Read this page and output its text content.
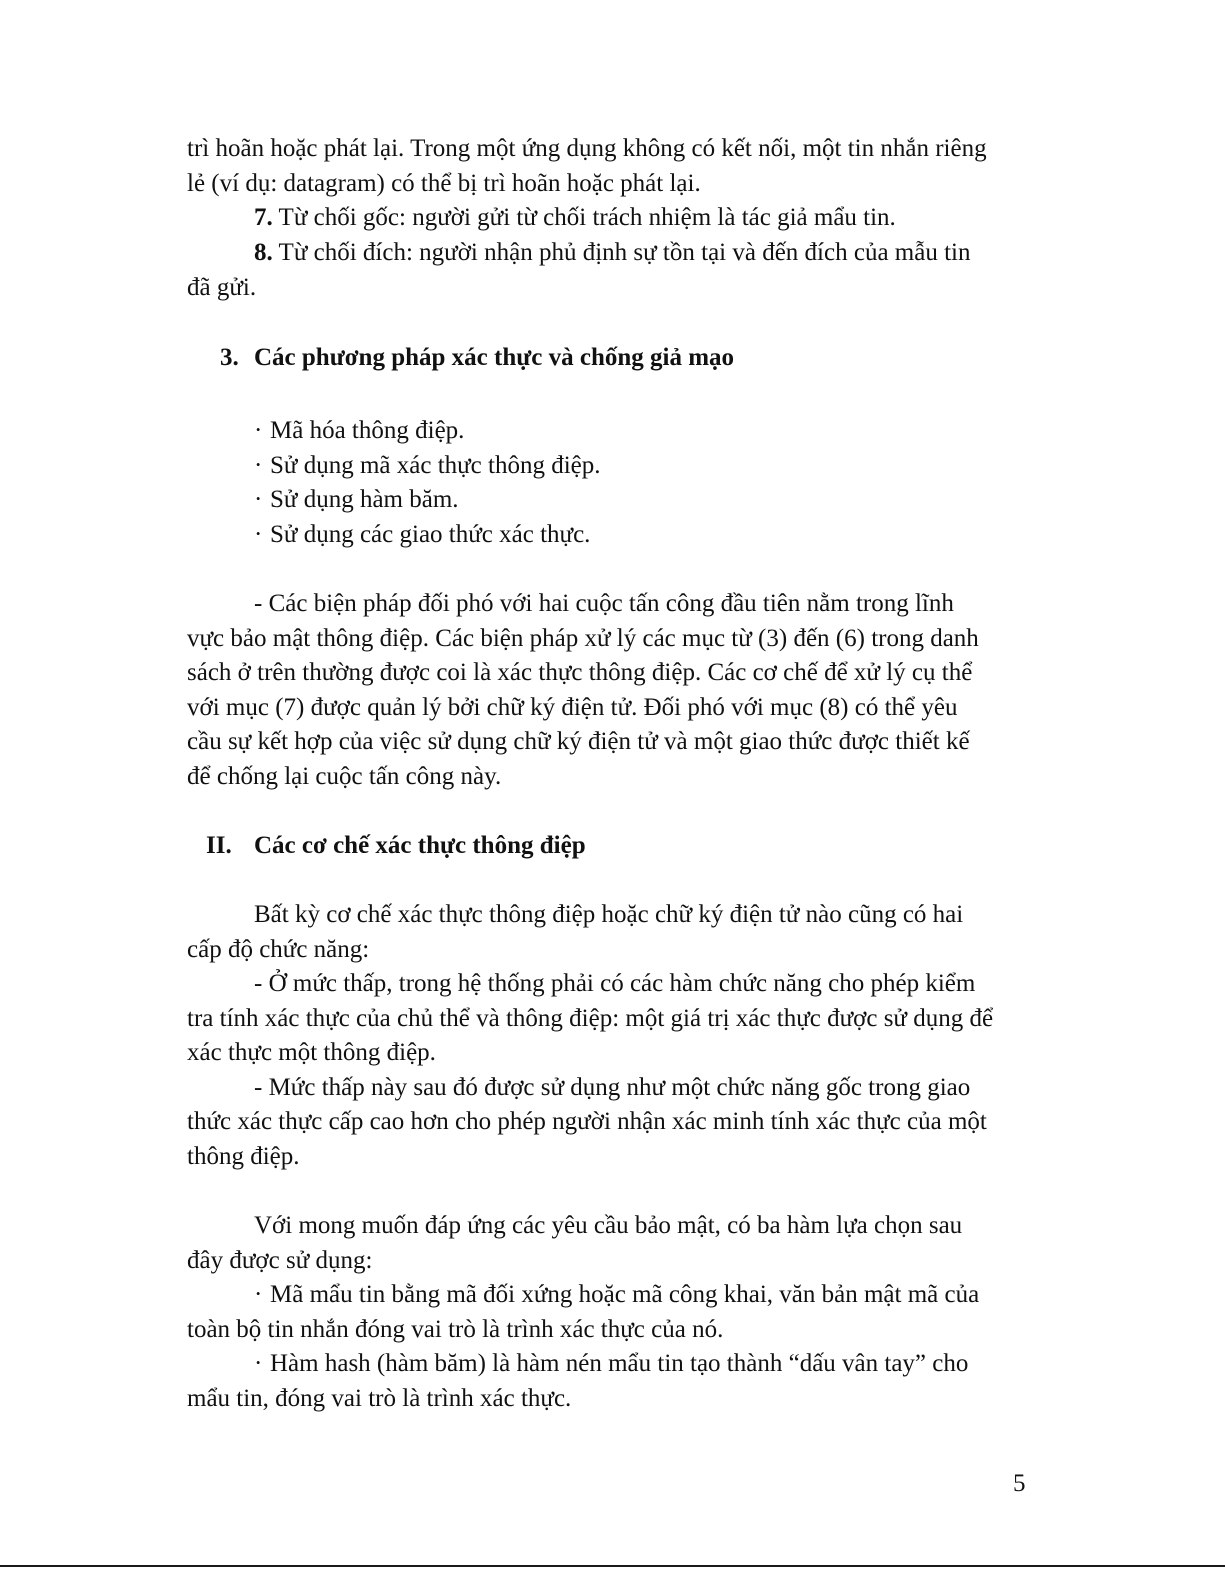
trì hoãn hoặc phát lại. Trong một ứng dụng không có kết nối, một tin nhắn riêng
lẻ (ví dụ: datagram) có thể bị trì hoãn hoặc phát lại.
7. Từ chối gốc: người gửi từ chối trách nhiệm là tác giả mẩu tin.
8. Từ chối đích: người nhận phủ định sự tồn tại và đến đích của mẫu tin
đã gửi.
3. Các phương pháp xác thực và chống giả mạo
· Mã hóa thông điệp.
· Sử dụng mã xác thực thông điệp.
· Sử dụng hàm băm.
· Sử dụng các giao thức xác thực.
- Các biện pháp đối phó với hai cuộc tấn công đầu tiên nằm trong lĩnh
vực bảo mật thông điệp. Các biện pháp xử lý các mục từ (3) đến (6) trong danh
sách ở trên thường được coi là xác thực thông điệp. Các cơ chế để xử lý cụ thể
với mục (7) được quản lý bởi chữ ký điện tử. Đối phó với mục (8) có thể yêu
cầu sự kết hợp của việc sử dụng chữ ký điện tử và một giao thức được thiết kế
để chống lại cuộc tấn công này.
II. Các cơ chế xác thực thông điệp
Bất kỳ cơ chế xác thực thông điệp hoặc chữ ký điện tử nào cũng có hai
cấp độ chức năng:
- Ở mức thấp, trong hệ thống phải có các hàm chức năng cho phép kiểm
tra tính xác thực của chủ thể và thông điệp: một giá trị xác thực được sử dụng để
xác thực một thông điệp.
- Mức thấp này sau đó được sử dụng như một chức năng gốc trong giao
thức xác thực cấp cao hơn cho phép người nhận xác minh tính xác thực của một
thông điệp.
Với mong muốn đáp ứng các yêu cầu bảo mật, có ba hàm lựa chọn sau
đây được sử dụng:
· Mã mẩu tin bằng mã đối xứng hoặc mã công khai, văn bản mật mã của
toàn bộ tin nhắn đóng vai trò là trình xác thực của nó.
· Hàm hash (hàm băm) là hàm nén mẩu tin tạo thành “dấu vân tay” cho
mẩu tin, đóng vai trò là trình xác thực.
5
